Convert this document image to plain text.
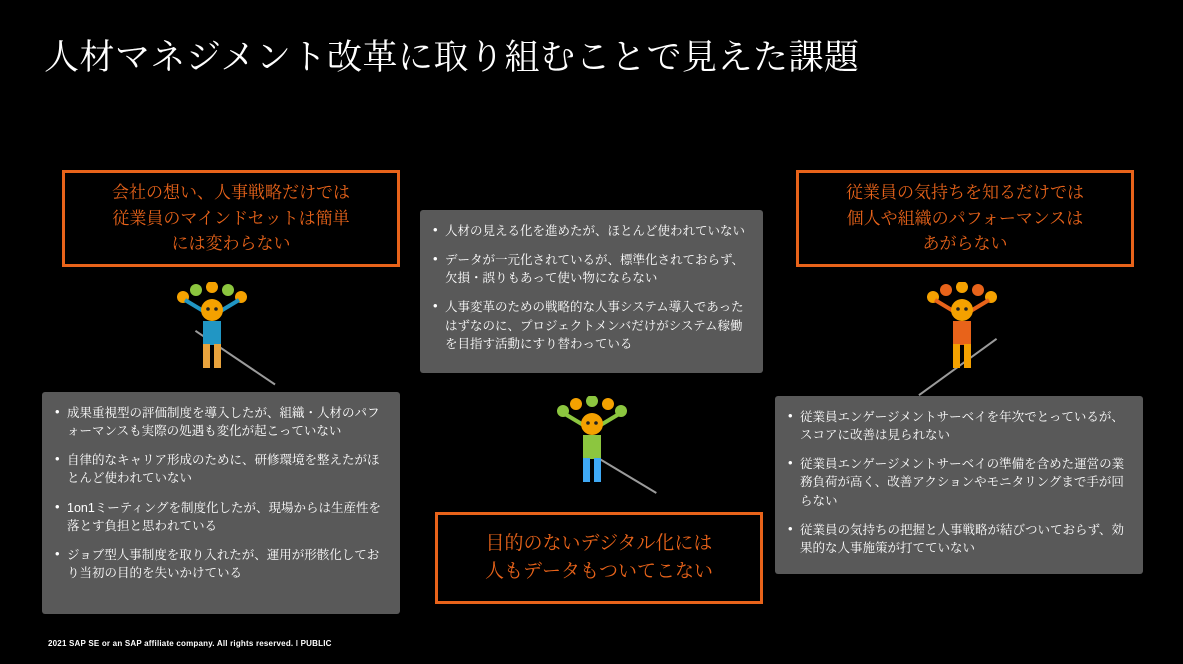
人材マネジメント改革に取り組むことで見えた課題
会社の想い、人事戦略だけでは
従業員のマインドセットは簡単
には変わらない
従業員の気持ちを知るだけでは
個人や組織のパフォーマンスは
あがらない
目的のないデジタル化には
人もデータもついてこない
• 人材の見える化を進めたが、ほとんど使われていない
• データが一元化されているが、標準化されておらず、欠損・誤りもあって使い物にならない
• 人事変革のための戦略的な人事システム導入であったはずなのに、プロジェクトメンバだけがシステム稼働を目指す活動にすり替わっている
• 成果重視型の評価制度を導入したが、組織・人材のパフォーマンスも実際の処遇も変化が起こっていない
• 自律的なキャリア形成のために、研修環境を整えたがほとんど使われていない
• 1on1ミーティングを制度化したが、現場からは生産性を落とす負担と思われている
• ジョブ型人事制度を取り入れたが、運用が形骸化しており当初の目的を失いかけている
• 従業員エンゲージメントサーベイを年次でとっているが、スコアに改善は見られない
• 従業員エンゲージメントサーベイの準備を含めた運営の業務負荷が高く、改善アクションやモニタリングまで手が回らない
• 従業員の気持ちの把握と人事戦略が結びついておらず、効果的な人事施策が打てていない
2021 SAP SE or an SAP affiliate company. All rights reserved. ǀ PUBLIC
